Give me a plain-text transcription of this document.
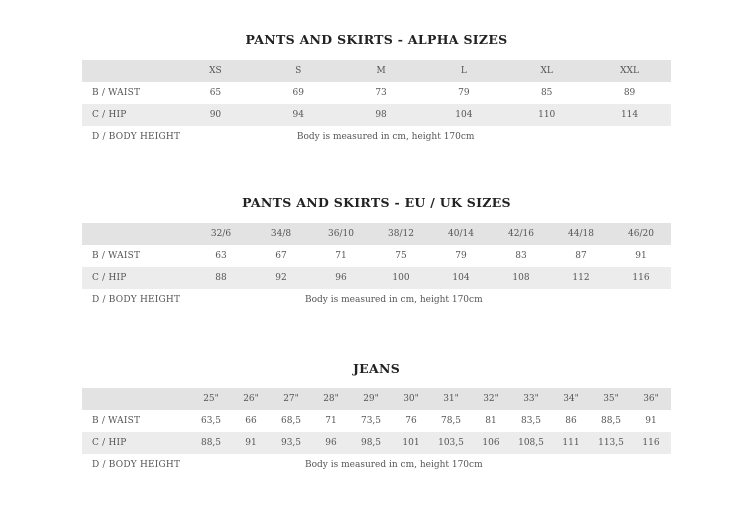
PANTS AND SKIRTS - ALPHA SIZES
	XS	S	M	L	XL	XXL
B / WAIST	65	69	73	79	85	89
C / HIP	90	94	98	104	110	114
D / BODY HEIGHT		Body is measured in cm, height 170cm				
PANTS AND SKIRTS - EU / UK SIZES
	32/6	34/8	36/10	38/12	40/14	42/16	44/18	46/20
B / WAIST	63	67	71	75	79	83	87	91
C / HIP	88	92	96	100	104	108	112	116
D / BODY HEIGHT		Body is measured in cm, height 170cm						
JEANS
	25"	26"	27"	28"	29"	30"	31"	32"	33"	34"	35"	36"
B / WAIST	63,5	66	68,5	71	73,5	76	78,5	81	83,5	86	88,5	91
C / HIP	88,5	91	93,5	96	98,5	101	103,5	106	108,5	111	113,5	116
D / BODY HEIGHT		Body is measured in cm, height 170cm										
